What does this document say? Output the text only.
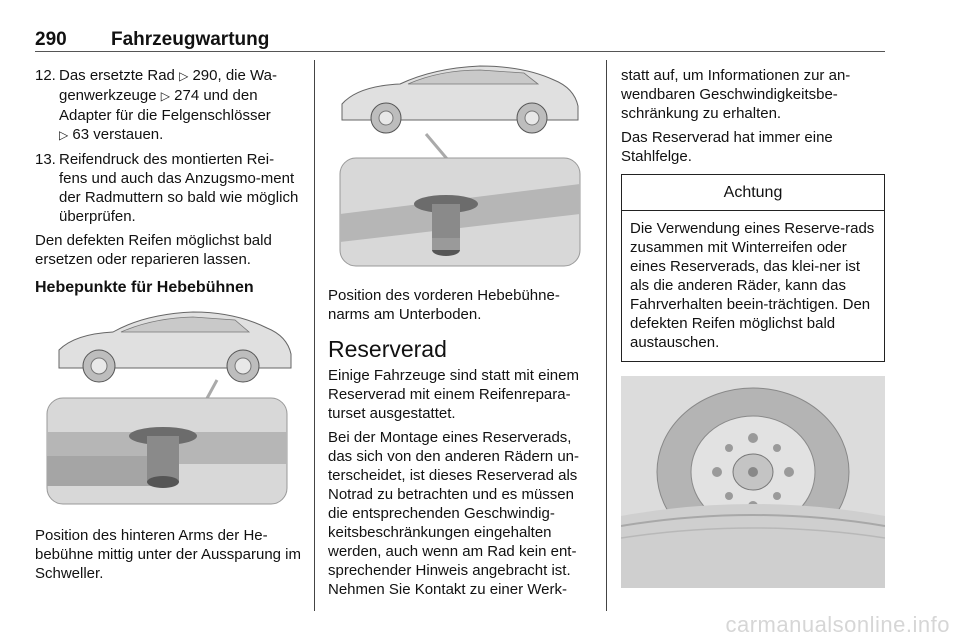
290 Fahrzeugwartung
12. Das ersetzte Rad ▷ 290, die Wa-genwerkzeuge ▷ 274 und den Adapter für die Felgenschlösser ▷ 63 verstauen.
13. Reifendruck des montierten Rei-fens und auch das Anzugsmo-ment der Radmuttern so bald wie möglich überprüfen.

Den defekten Reifen möglichst bald ersetzen oder reparieren lassen.

Hebepunkte für Hebebühnen

Position des hinteren Arms der He-bebühne mittig unter der Aussparung im Schweller.

Position des vorderen Hebebühne-narms am Unterboden.

Reserverad

Einige Fahrzeuge sind statt mit einem Reserverad mit einem Reifenrepara-turset ausgestattet.

Bei der Montage eines Reserverads, das sich von den anderen Rädern un-terscheidet, ist dieses Reserverad als Notrad zu betrachten und es müssen die entsprechenden Geschwindig-keitsbeschränkungen eingehalten werden, auch wenn am Rad kein ent-sprechender Hinweis angebracht ist. Nehmen Sie Kontakt zu einer Werk-

statt auf, um Informationen zur an-wendbaren Geschwindigkeitsbe-schränkung zu erhalten.

Das Reserverad hat immer eine Stahlfelge.

Achtung
Die Verwendung eines Reserve-rads zusammen mit Winterreifen oder eines Reserverads, das klei-ner ist als die anderen Räder, kann das Fahrverhalten beein-trächtigen. Den defekten Reifen möglichst bald austauschen.
carmanualsonline.info
